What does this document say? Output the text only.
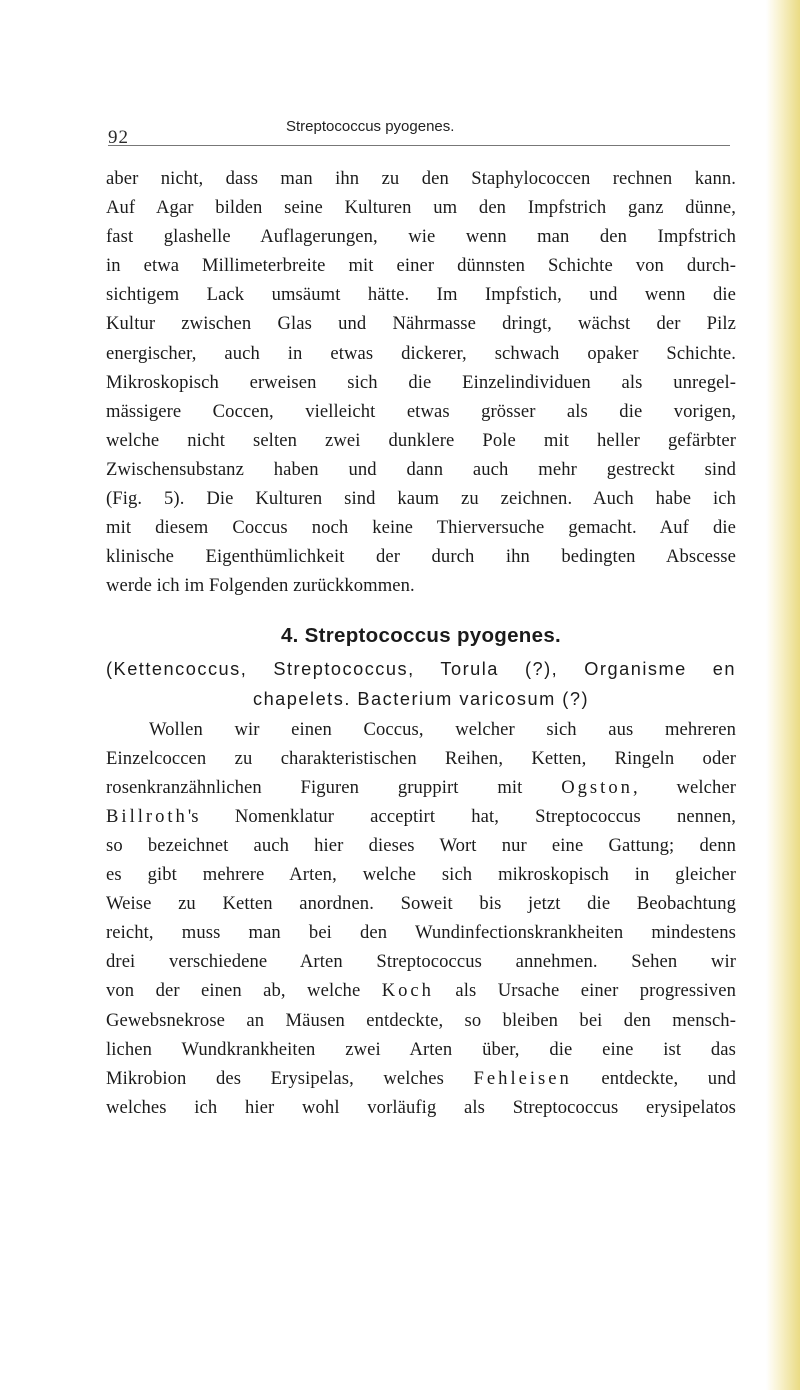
92
Streptococcus pyogenes.
aber nicht, dass man ihn zu den Staphylococcen rechnen kann.
Auf Agar bilden seine Kulturen um den Impfstrich ganz dünne,
fast glashelle Auflagerungen, wie wenn man den Impfstrich
in etwa Millimeterbreite mit einer dünnsten Schichte von durch-
sichtigem Lack umsäumt hätte. Im Impfstich, und wenn die
Kultur zwischen Glas und Nährmasse dringt, wächst der Pilz
energischer, auch in etwas dickerer, schwach opaker Schichte.
Mikroskopisch erweisen sich die Einzelindividuen als unregel-
mässigere Coccen, vielleicht etwas grösser als die vorigen,
welche nicht selten zwei dunklere Pole mit heller gefärbter
Zwischensubstanz haben und dann auch mehr gestreckt sind
(Fig. 5). Die Kulturen sind kaum zu zeichnen. Auch habe ich
mit diesem Coccus noch keine Thierversuche gemacht. Auf die
klinische Eigenthümlichkeit der durch ihn bedingten Abscesse
werde ich im Folgenden zurückkommen.
4. Streptococcus pyogenes.
(Kettencoccus, Streptococcus, Torula (?), Organisme en
chapelets. Bacterium varicosum (?)
Wollen wir einen Coccus, welcher sich aus mehreren
Einzelcoccen zu charakteristischen Reihen, Ketten, Ringeln oder
rosenkranzähnlichen Figuren gruppirt mit Ogston, welcher
Billroth's Nomenklatur acceptirt hat, Streptococcus nennen,
so bezeichnet auch hier dieses Wort nur eine Gattung; denn
es gibt mehrere Arten, welche sich mikroskopisch in gleicher
Weise zu Ketten anordnen. Soweit bis jetzt die Beobachtung
reicht, muss man bei den Wundinfectionskrankheiten mindestens
drei verschiedene Arten Streptococcus annehmen. Sehen wir
von der einen ab, welche Koch als Ursache einer progressiven
Gewebsnekrose an Mäusen entdeckte, so bleiben bei den mensch-
lichen Wundkrankheiten zwei Arten über, die eine ist das
Mikrobion des Erysipelas, welches Fehleisen entdeckte, und
welches ich hier wohl vorläufig als Streptococcus erysipelatos
